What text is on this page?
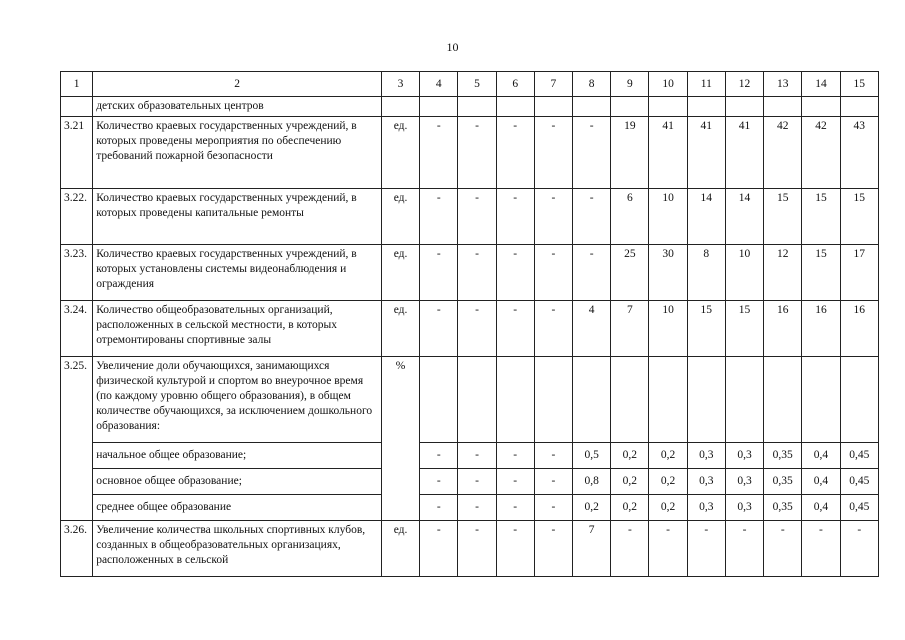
10
1	2	3	4	5	6	7	8	9	10	11	12	13	14	15
	детских образовательных центров													
3.21	Количество краевых государственных учреждений, в которых проведены мероприятия по обеспечению требований пожарной безопасности	ед.	-	-	-	-	-	19	41	41	41	42	42	43
3.22.	Количество краевых государственных учреждений, в которых проведены капитальные ремонты	ед.	-	-	-	-	-	6	10	14	14	15	15	15
3.23.	Количество краевых государственных учреждений, в которых установлены системы видеонаблюдения и ограждения	ед.	-	-	-	-	-	25	30	8	10	12	15	17
3.24.	Количество общеобразовательных организаций, расположенных в сельской местности, в которых отремонтированы спортивные залы	ед.	-	-	-	-	4	7	10	15	15	16	16	16
3.25.	Увеличение доли обучающихся, занимающихся физической культурой и спортом во внеурочное время (по каждому уровню общего образования), в общем количестве обучающихся, за исключением дошкольного образования:	%												
	начальное общее образование;		-	-	-	-	0,5	0,2	0,2	0,3	0,3	0,35	0,4	0,45
	основное общее образование;		-	-	-	-	0,8	0,2	0,2	0,3	0,3	0,35	0,4	0,45
	среднее общее образование		-	-	-	-	0,2	0,2	0,2	0,3	0,3	0,35	0,4	0,45
3.26.	Увеличение количества школьных спортивных клубов, созданных в общеобразовательных организациях, расположенных в сельской	ед.	-	-	-	-	7	-	-	-	-	-	-	-
